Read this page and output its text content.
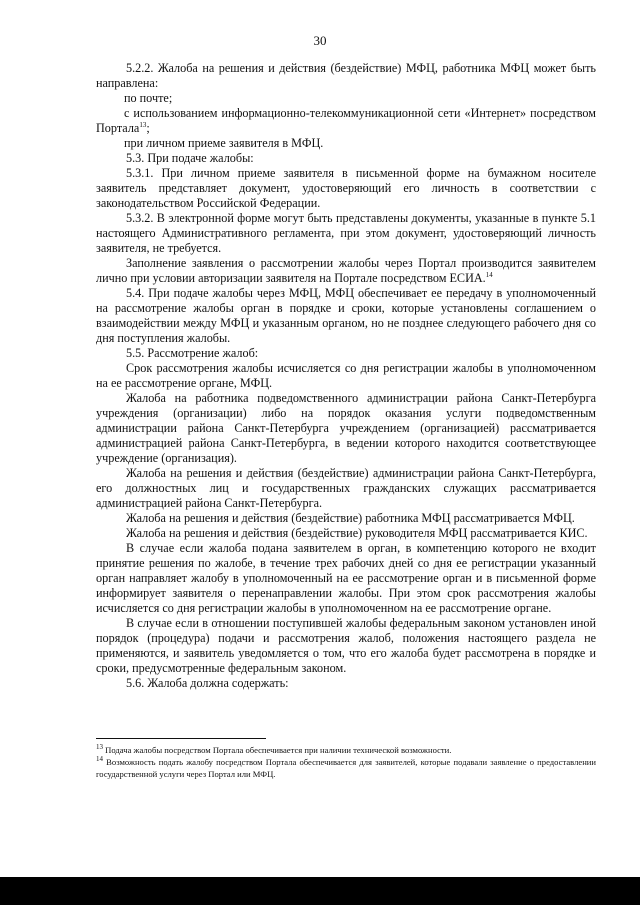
30

5.2.2. Жалоба на решения и действия (бездействие) МФЦ, работника МФЦ может быть направлена:

по почте;

с использованием информационно-телекоммуникационной сети «Интернет» посредством Портала$^{13}$;

при личном приеме заявителя в МФЦ.

5.3. При подаче жалобы:

5.3.1. При личном приеме заявителя в письменной форме на бумажном носителе заявитель представляет документ, удостоверяющий его личность в соответствии с законодательством Российской Федерации.

5.3.2. В электронной форме могут быть представлены документы, указанные в пункте 5.1 настоящего Административного регламента, при этом документ, удостоверяющий личность заявителя, не требуется.

Заполнение заявления о рассмотрении жалобы через Портал производится заявителем лично при условии авторизации заявителя на Портале посредством ЕСИА.$^{14}$

5.4. При подаче жалобы через МФЦ, МФЦ обеспечивает ее передачу в уполномоченный на рассмотрение жалобы орган в порядке и сроки, которые установлены соглашением о взаимодействии между МФЦ и указанным органом, но не позднее следующего рабочего дня со дня поступления жалобы.

5.5. Рассмотрение жалоб:

Срок рассмотрения жалобы исчисляется со дня регистрации жалобы в уполномоченном на ее рассмотрение органе, МФЦ.

Жалоба на работника подведомственного администрации района Санкт-Петербурга учреждения (организации) либо на порядок оказания услуги подведомственным администрации района Санкт-Петербурга учреждением (организацией) рассматривается администрацией района Санкт-Петербурга, в ведении которого находится соответствующее учреждение (организация).

Жалоба на решения и действия (бездействие) администрации района Санкт-Петербурга, его должностных лиц и государственных гражданских служащих рассматривается администрацией района Санкт-Петербурга.

Жалоба на решения и действия (бездействие) работника МФЦ рассматривается МФЦ.

Жалоба на решения и действия (бездействие) руководителя МФЦ рассматривается КИС.

В случае если жалоба подана заявителем в орган, в компетенцию которого не входит принятие решения по жалобе, в течение трех рабочих дней со дня ее регистрации указанный орган направляет жалобу в уполномоченный на ее рассмотрение орган и в письменной форме информирует заявителя о перенаправлении жалобы. При этом срок рассмотрения жалобы исчисляется со дня регистрации жалобы в уполномоченном на ее рассмотрение органе.

В случае если в отношении поступившей жалобы федеральным законом установлен иной порядок (процедура) подачи и рассмотрения жалоб, положения настоящего раздела не применяются, и заявитель уведомляется о том, что его жалоба будет рассмотрена в порядке и сроки, предусмотренные федеральным законом.

5.6. Жалоба должна содержать:

$^{13}$ Подача жалобы посредством Портала обеспечивается при наличии технической возможности.

$^{14}$ Возможность подать жалобу посредством Портала обеспечивается для заявителей, которые подавали заявление о предоставлении государственной услуги через Портал или МФЦ.
